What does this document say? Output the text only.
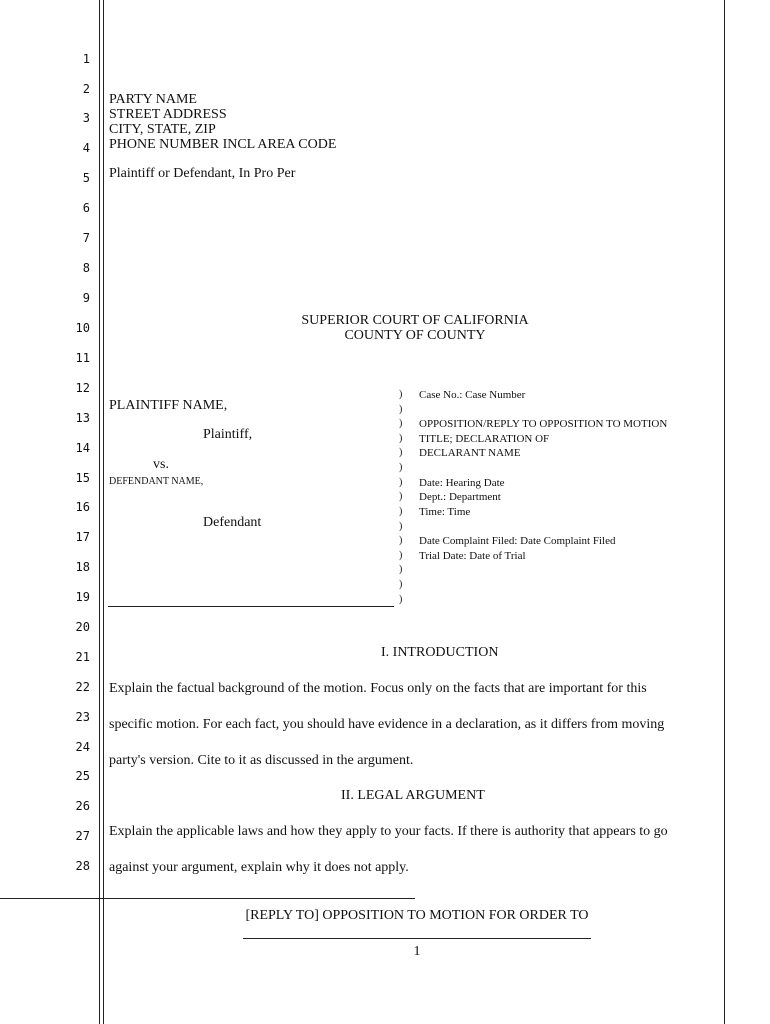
1
2
3
4
5
6
7
8
9
10
11
12
13
14
15
16
17
18
19
20
21
22
23
24
25
26
27
28
PARTY NAME
STREET ADDRESS
CITY, STATE, ZIP
PHONE NUMBER INCL AREA CODE
Plaintiff or Defendant, In Pro Per
SUPERIOR COURT OF CALIFORNIA
COUNTY OF COUNTY
PLAINTIFF NAME,
Plaintiff,
vs.
DEFENDANT NAME,
Defendant
)
)
)
)
)
)
)
)
)
)
)
)
)
)
)
Case No.: Case Number
OPPOSITION/REPLY TO OPPOSITION TO MOTION
TITLE; DECLARATION OF
DECLARANT NAME
Date: Hearing Date
Dept.: Department
Time: Time
Date Complaint Filed: Date Complaint Filed
Trial Date: Date of Trial
I. INTRODUCTION
Explain the factual background of the motion. Focus only on the facts that are important for this
specific motion. For each fact, you should have evidence in a declaration, as it differs from moving
party's version. Cite to it as discussed in the argument.
II. LEGAL ARGUMENT
Explain the applicable laws and how they apply to your facts. If there is authority that appears to go
against your argument, explain why it does not apply.
[REPLY TO] OPPOSITION TO MOTION FOR ORDER TO
1
